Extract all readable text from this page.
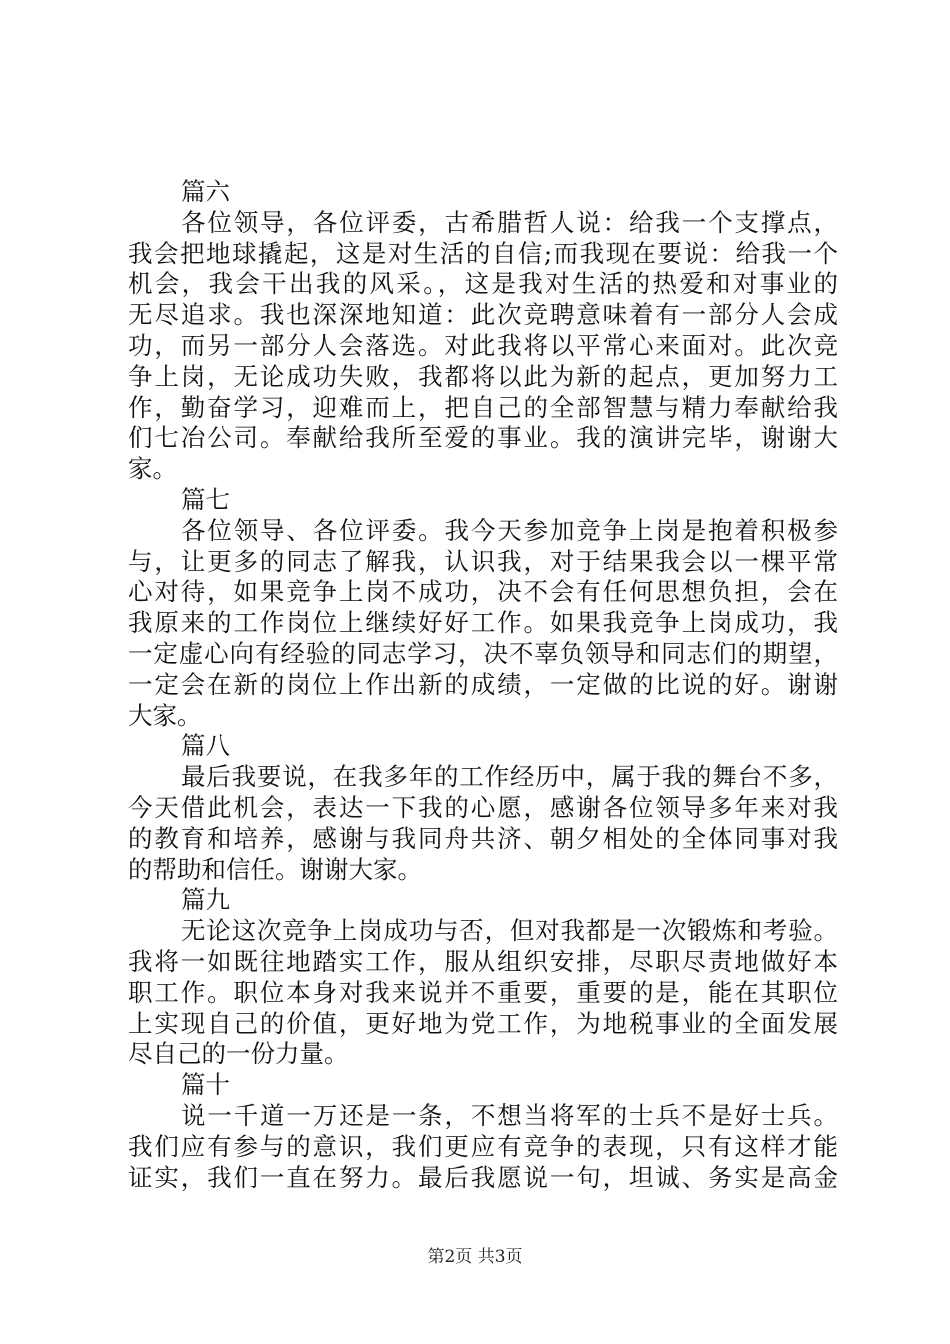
篇六
各位领导，各位评委，古希腊哲人说：给我一个支撑点，
我会把地球撬起，这是对生活的自信;而我现在要说：给我一个
机会，我会干出我的风采。，这是我对生活的热爱和对事业的
无尽追求。我也深深地知道：此次竞聘意味着有一部分人会成
功，而另一部分人会落选。对此我将以平常心来面对。此次竞
争上岗，无论成功失败，我都将以此为新的起点，更加努力工
作，勤奋学习，迎难而上，把自己的全部智慧与精力奉献给我
们七冶公司。奉献给我所至爱的事业。我的演讲完毕，谢谢大
家。
篇七
各位领导、各位评委。我今天参加竞争上岗是抱着积极参
与，让更多的同志了解我，认识我，对于结果我会以一棵平常
心对待，如果竞争上岗不成功，决不会有任何思想负担，会在
我原来的工作岗位上继续好好工作。如果我竞争上岗成功，我
一定虚心向有经验的同志学习，决不辜负领导和同志们的期望，
一定会在新的岗位上作出新的成绩，一定做的比说的好。谢谢
大家。
篇八
最后我要说，在我多年的工作经历中，属于我的舞台不多，
今天借此机会，表达一下我的心愿，感谢各位领导多年来对我
的教育和培养，感谢与我同舟共济、朝夕相处的全体同事对我
的帮助和信任。谢谢大家。
篇九
无论这次竞争上岗成功与否，但对我都是一次锻炼和考验。
我将一如既往地踏实工作，服从组织安排，尽职尽责地做好本
职工作。职位本身对我来说并不重要，重要的是，能在其职位
上实现自己的价值，更好地为党工作，为地税事业的全面发展
尽自己的一份力量。
篇十
说一千道一万还是一条，不想当将军的士兵不是好士兵。
我们应有参与的意识，我们更应有竞争的表现，只有这样才能
证实，我们一直在努力。最后我愿说一句，坦诚、务实是高金
第2页 共3页
